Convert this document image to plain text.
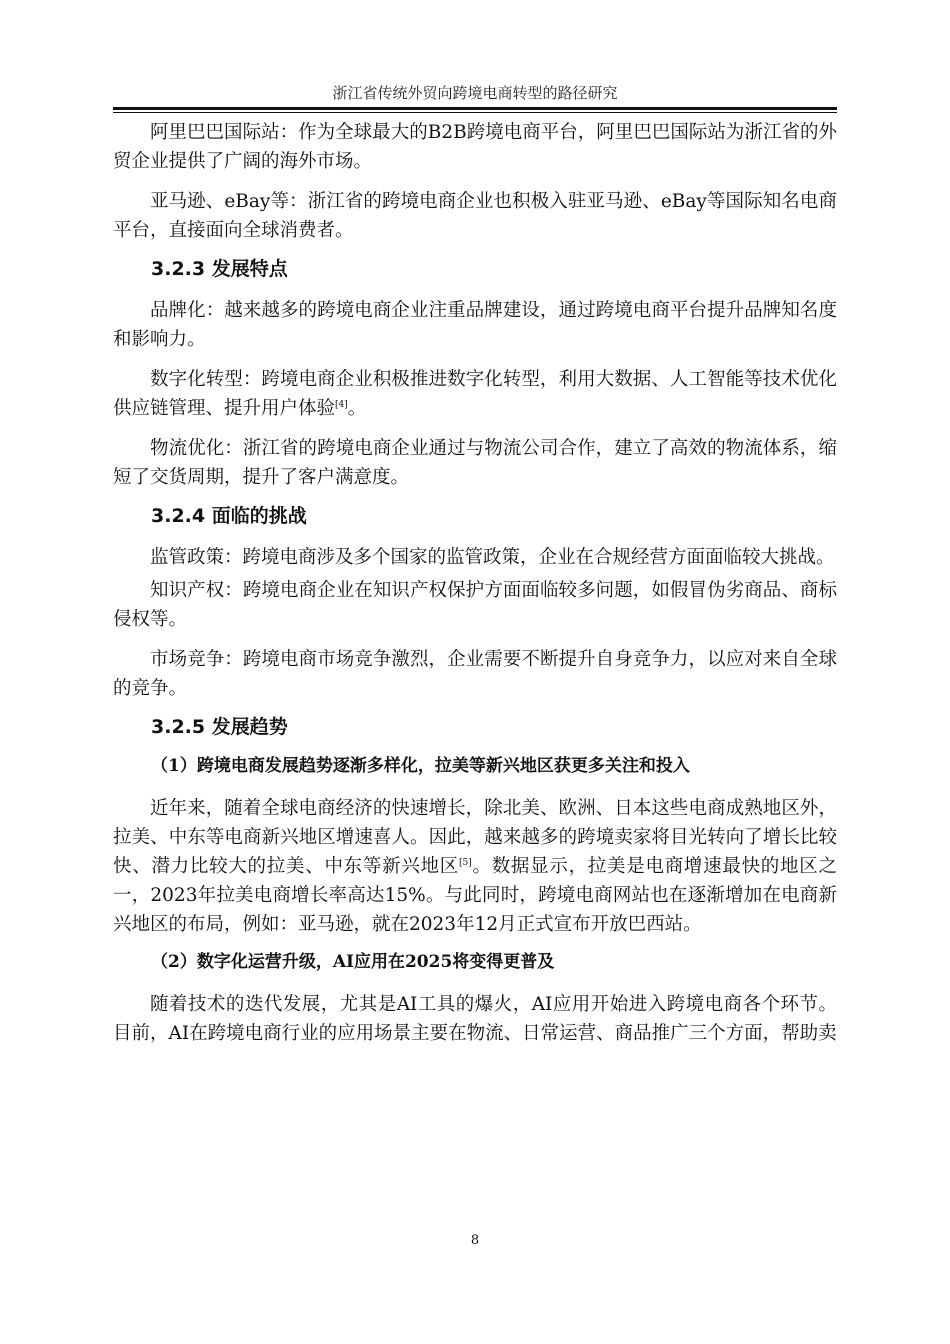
浙江省传统外贸向跨境电商转型的路径研究

阿里巴巴国际站：作为全球最大的B2B跨境电商平台，阿里巴巴国际站为浙江省的外贸企业提供了广阔的海外市场。

亚马逊、eBay等：浙江省的跨境电商企业也积极入驻亚马逊、eBay等国际知名电商平台，直接面向全球消费者。

3.2.3 发展特点

品牌化：越来越多的跨境电商企业注重品牌建设，通过跨境电商平台提升品牌知名度和影响力。

数字化转型：跨境电商企业积极推进数字化转型，利用大数据、人工智能等技术优化供应链管理、提升用户体验[4]。

物流优化：浙江省的跨境电商企业通过与物流公司合作，建立了高效的物流体系，缩短了交货周期，提升了客户满意度。

3.2.4 面临的挑战

监管政策：跨境电商涉及多个国家的监管政策，企业在合规经营方面面临较大挑战。

知识产权：跨境电商企业在知识产权保护方面面临较多问题，如假冒伪劣商品、商标侵权等。

市场竞争：跨境电商市场竞争激烈，企业需要不断提升自身竞争力，以应对来自全球的竞争。

3.2.5 发展趋势
（1）跨境电商发展趋势逐渐多样化，拉美等新兴地区获更多关注和投入

近年来，随着全球电商经济的快速增长，除北美、欧洲、日本这些电商成熟地区外，拉美、中东等电商新兴地区增速喜人。因此，越来越多的跨境卖家将目光转向了增长比较快、潜力比较大的拉美、中东等新兴地区[5]。数据显示，拉美是电商增速最快的地区之一，2023年拉美电商增长率高达15%。与此同时，跨境电商网站也在逐渐增加在电商新兴地区的布局，例如：亚马逊，就在2023年12月正式宣布开放巴西站。

（2）数字化运营升级，AI应用在2025将变得更普及

随着技术的迭代发展，尤其是AI工具的爆火，AI应用开始进入跨境电商各个环节。目前，AI在跨境电商行业的应用场景主要在物流、日常运营、商品推广三个方面，帮助卖

8
